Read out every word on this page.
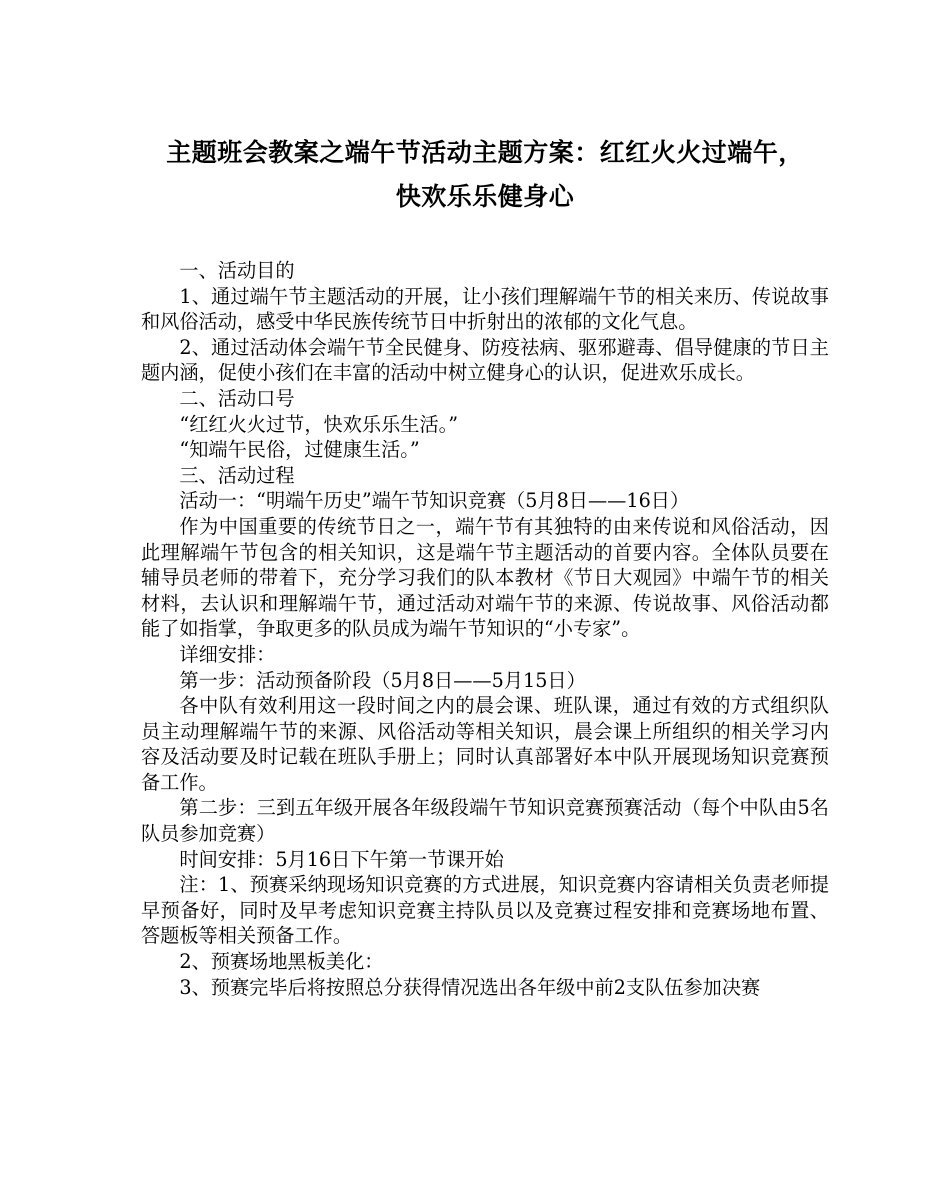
主题班会教案之端午节活动主题方案：红红火火过端午，
快欢乐乐健身心

一、活动目的

1、通过端午节主题活动的开展，让小孩们理解端午节的相关来历、传说故事和风俗活动，感受中华民族传统节日中折射出的浓郁的文化气息。

2、通过活动体会端午节全民健身、防疫祛病、驱邪避毒、倡导健康的节日主题内涵，促使小孩们在丰富的活动中树立健身心的认识，促进欢乐成长。

二、活动口号

“红红火火过节，快欢乐乐生活。”

“知端午民俗，过健康生活。”

三、活动过程

活动一：“明端午历史”端午节知识竞赛（5月8日——16日）

作为中国重要的传统节日之一，端午节有其独特的由来传说和风俗活动，因此理解端午节包含的相关知识，这是端午节主题活动的首要内容。全体队员要在辅导员老师的带着下，充分学习我们的队本教材《节日大观园》中端午节的相关材料，去认识和理解端午节，通过活动对端午节的来源、传说故事、风俗活动都能了如指掌，争取更多的队员成为端午节知识的“小专家”。

详细安排：

第一步：活动预备阶段（5月8日——5月15日）

各中队有效利用这一段时间之内的晨会课、班队课，通过有效的方式组织队员主动理解端午节的来源、风俗活动等相关知识，晨会课上所组织的相关学习内容及活动要及时记载在班队手册上；同时认真部署好本中队开展现场知识竞赛预备工作。

第二步：三到五年级开展各年级段端午节知识竞赛预赛活动（每个中队由5名队员参加竞赛）

时间安排：5月16日下午第一节课开始

注：1、预赛采纳现场知识竞赛的方式进展，知识竞赛内容请相关负责老师提早预备好，同时及早考虑知识竞赛主持队员以及竞赛过程安排和竞赛场地布置、答题板等相关预备工作。

2、预赛场地黑板美化：

3、预赛完毕后将按照总分获得情况选出各年级中前2支队伍参加决赛
